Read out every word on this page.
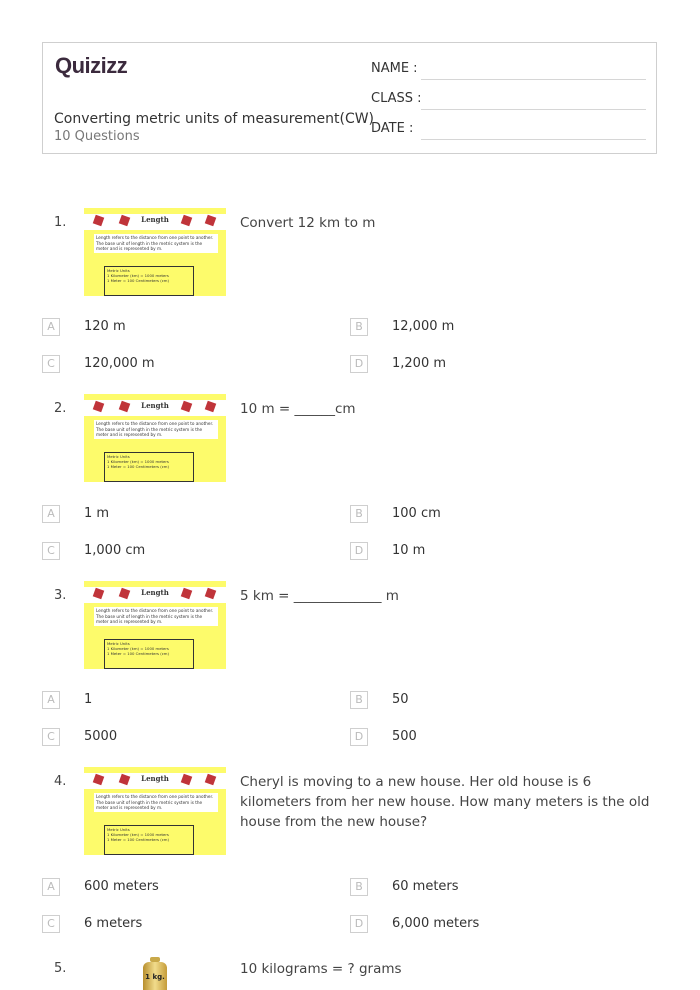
Quizizz
Converting metric units of measurement(CW)
10 Questions
NAME :
CLASS :
DATE :
1.	Length
Length refers to the distance from one point to another. The base unit of length in the metric system is the meter and is represented by m.
Metric Units
1 Kilometer (km) = 1000 meters
1 Meter = 100 Centimeters (cm)
Convert 12 km to m
A	120 m	B	12,000 m
C	120,000 m	D	1,200 m
2.	Length
Length refers to the distance from one point to another. The base unit of length in the metric system is the meter and is represented by m.
Metric Units
1 Kilometer (km) = 1000 meters
1 Meter = 100 Centimeters (cm)
10 m = ______cm
A	1 m	B	100 cm
C	1,000 cm	D	10 m
3.	Length
Length refers to the distance from one point to another. The base unit of length in the metric system is the meter and is represented by m.
Metric Units
1 Kilometer (km) = 1000 meters
1 Meter = 100 Centimeters (cm)
5 km = _____________ m
A	1	B	50
C	5000	D	500
4.	Length
Length refers to the distance from one point to another. The base unit of length in the metric system is the meter and is represented by m.
Metric Units
1 Kilometer (km) = 1000 meters
1 Meter = 100 Centimeters (cm)
Cheryl is moving to a new house. Her old house is 6 kilometers from her new house. How many meters is the old house from the new house?
A	600 meters	B	60 meters
C	6 meters	D	6,000 meters
5.
1 kg.	10 kilograms = ? grams
